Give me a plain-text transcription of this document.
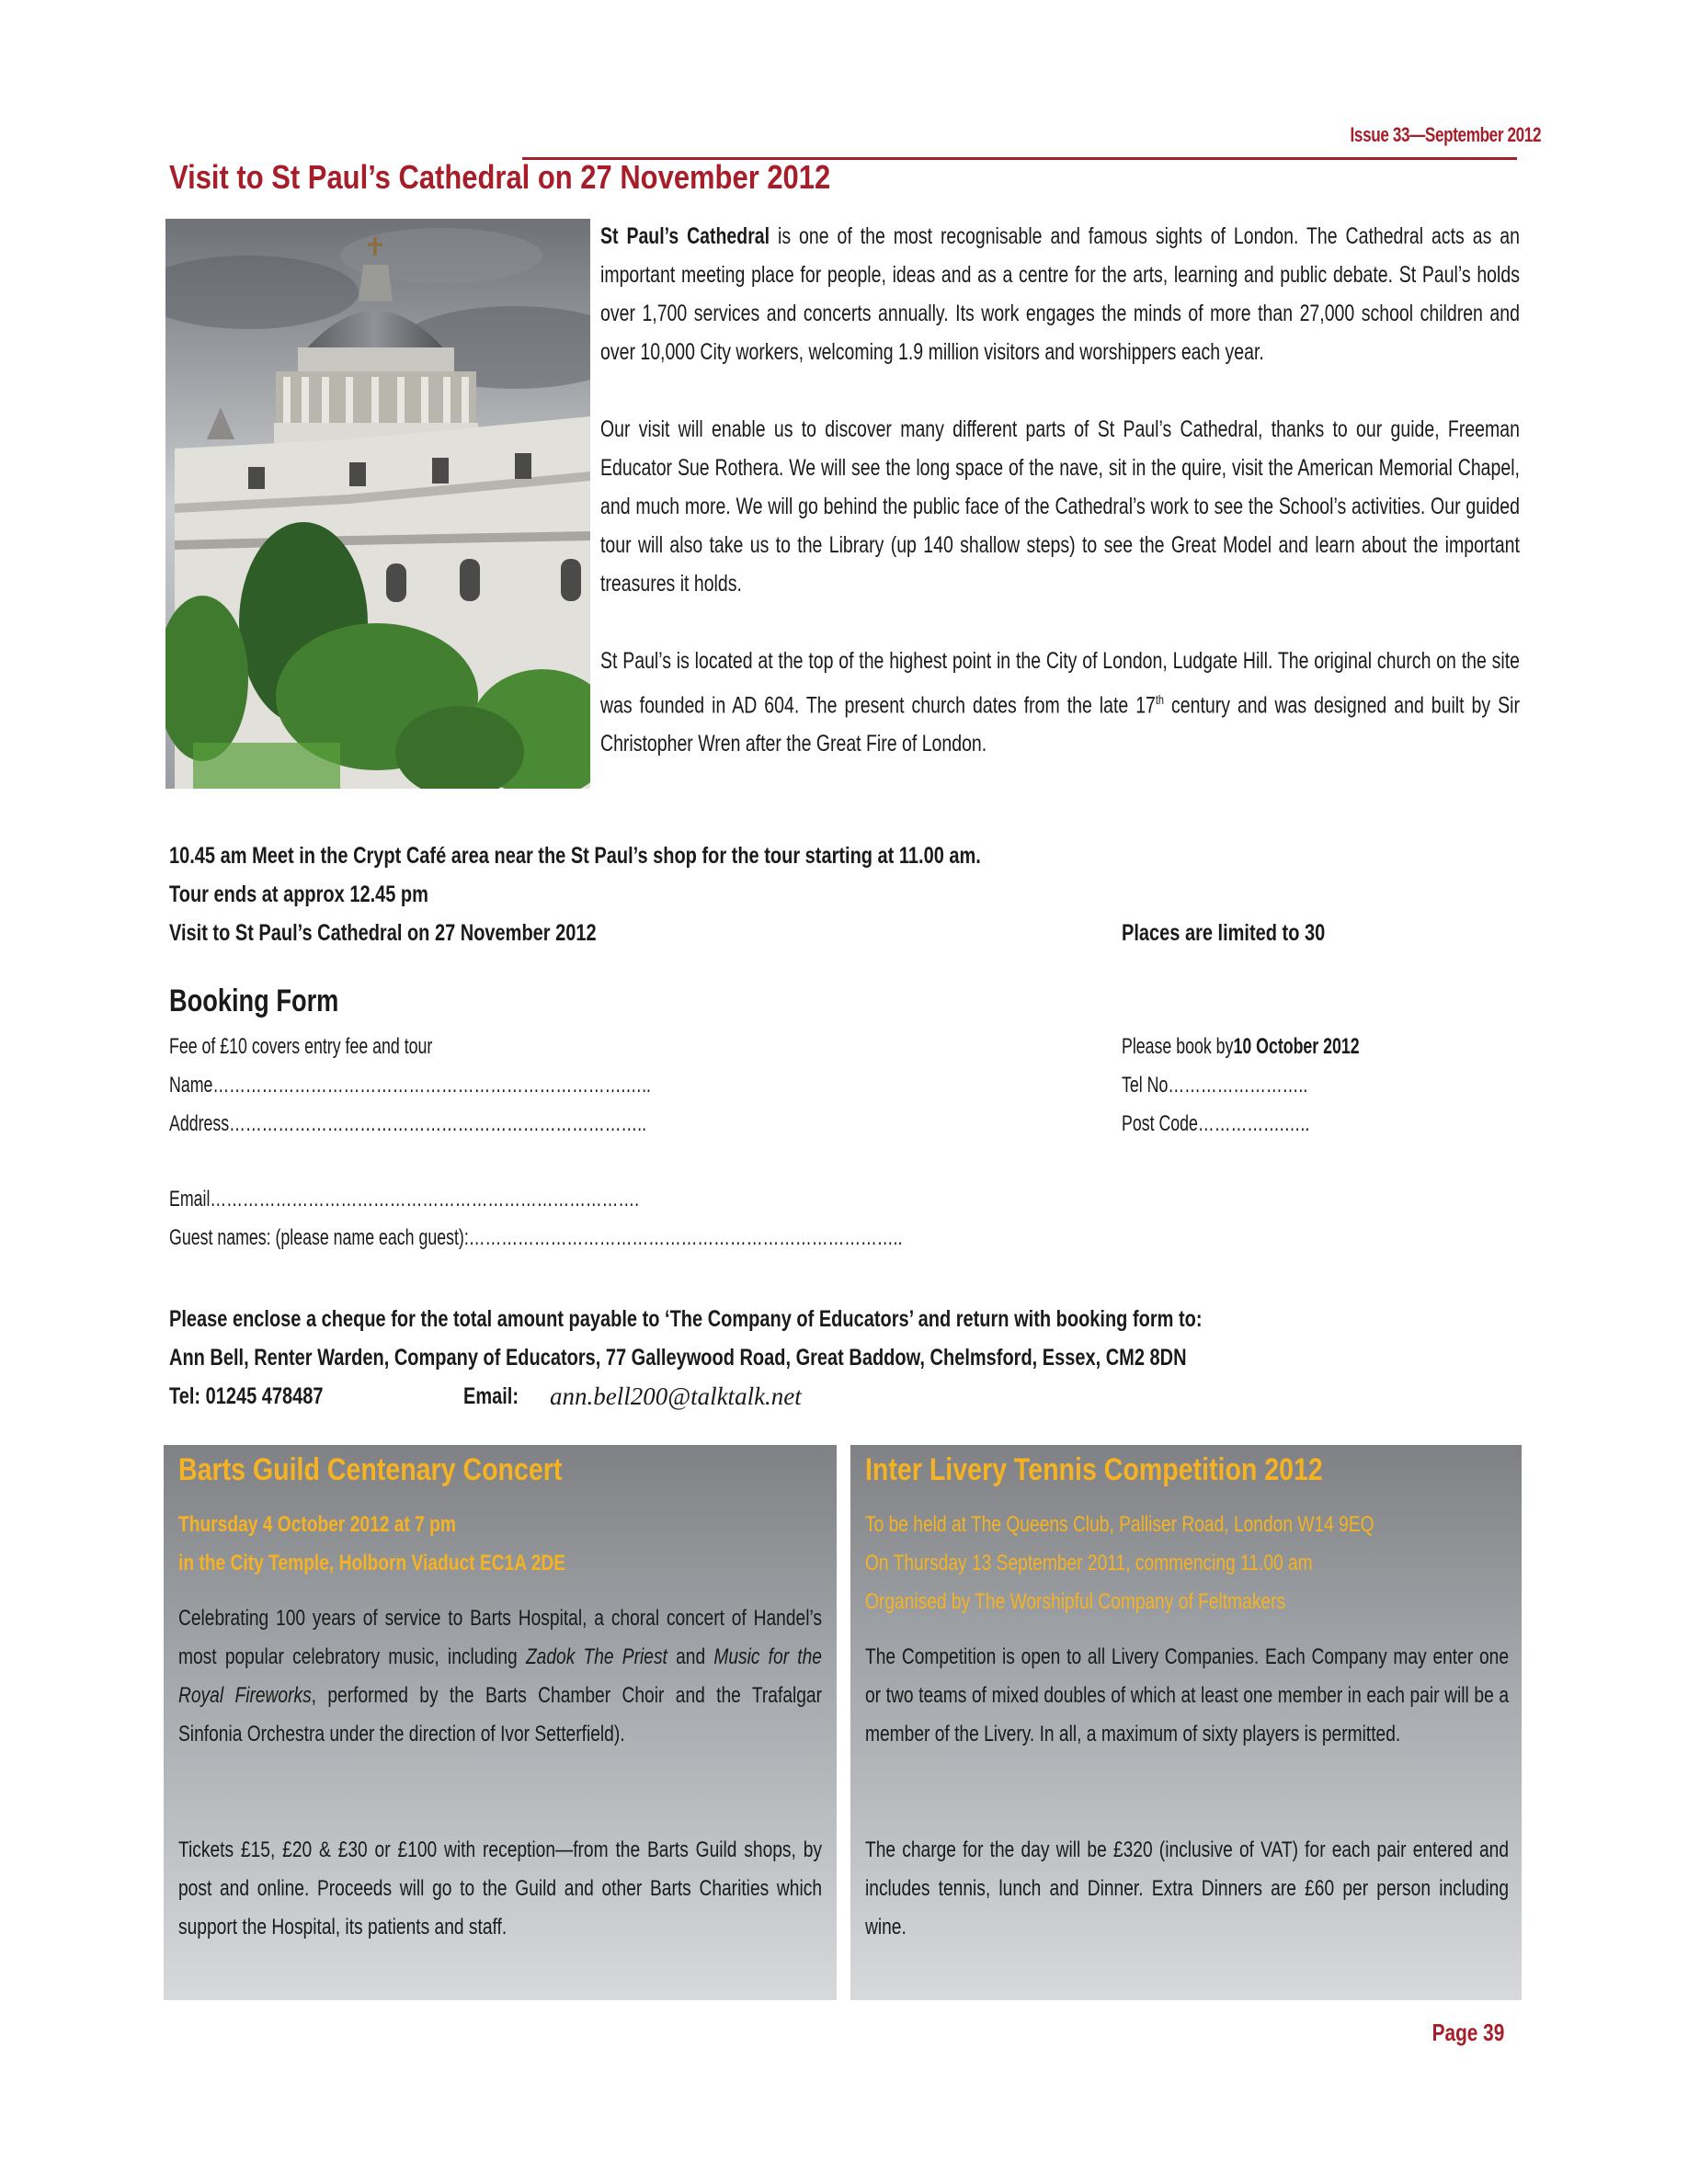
Issue 33—September 2012
Visit to St Paul’s Cathedral on 27 November 2012

St Paul’s Cathedral is one of the most recognisable and famous sights of London. The Cathedral acts as an important meeting place for people, ideas and as a centre for the arts, learning and public debate. St Paul’s holds over 1,700 services and concerts annually. Its work engages the minds of more than 27,000 school children and over 10,000 City workers, welcoming 1.9 million visitors and worshippers each year.

Our visit will enable us to discover many different parts of St Paul’s Cathedral, thanks to our guide, Freeman Educator Sue Rothera. We will see the long space of the nave, sit in the quire, visit the American Memorial Chapel, and much more. We will go behind the public face of the Cathedral’s work to see the School’s activities. Our guided tour will also take us to the Library (up 140 shallow steps) to see the Great Model and learn about the important treasures it holds.

St Paul’s is located at the top of the highest point in the City of London, Ludgate Hill. The original church on the site was founded in AD 604. The present church dates from the late 17th century and was designed and built by Sir Christopher Wren after the Great Fire of London.

10.45 am Meet in the Crypt Café area near the St Paul’s shop for the tour starting at 11.00 am.
Tour ends at approx 12.45 pm
Visit to St Paul’s Cathedral on 27 November 2012	Places are limited to 30
Booking Form
Fee of £10 covers entry fee and tour	Please book by10 October 2012
Name………………………………………………………………….…..	Tel No……………………..
Address…………………………………………………………………..	Post Code…………….…..
Email…………………………………………………………………….
Guest names: (please name each guest):……………………………………………………………………..
Please enclose a cheque for the total amount payable to ‘The Company of Educators’ and return with booking form to:
Ann Bell, Renter Warden, Company of Educators, 77 Galleywood Road, Great Baddow, Chelmsford, Essex, CM2 8DN
Tel: 01245 478487	Email: ann.bell200@talktalk.net
Barts Guild Centenary Concert
Thursday 4 October 2012 at 7 pm
in the City Temple, Holborn Viaduct EC1A 2DE

Celebrating 100 years of service to Barts Hospital, a choral concert of Handel’s most popular celebratory music, including Zadok The Priest and Music for the Royal Fireworks, performed by the Barts Chamber Choir and the Trafalgar Sinfonia Orchestra under the direction of Ivor Setterfield).

Tickets £15, £20 & £30 or £100 with reception—from the Barts Guild shops, by post and online. Proceeds will go to the Guild and other Barts Charities which support the Hospital, its patients and staff.

Inter Livery Tennis Competition 2012
To be held at The Queens Club, Palliser Road, London W14 9EQ
On Thursday 13 September 2011, commencing 11.00 am
Organised by The Worshipful Company of Feltmakers

The Competition is open to all Livery Companies. Each Company may enter one or two teams of mixed doubles of which at least one member in each pair will be a member of the Livery. In all, a maximum of sixty players is permitted.

The charge for the day will be £320 (inclusive of VAT) for each pair entered and includes tennis, lunch and Dinner. Extra Dinners are £60 per person including wine.

Page 39
